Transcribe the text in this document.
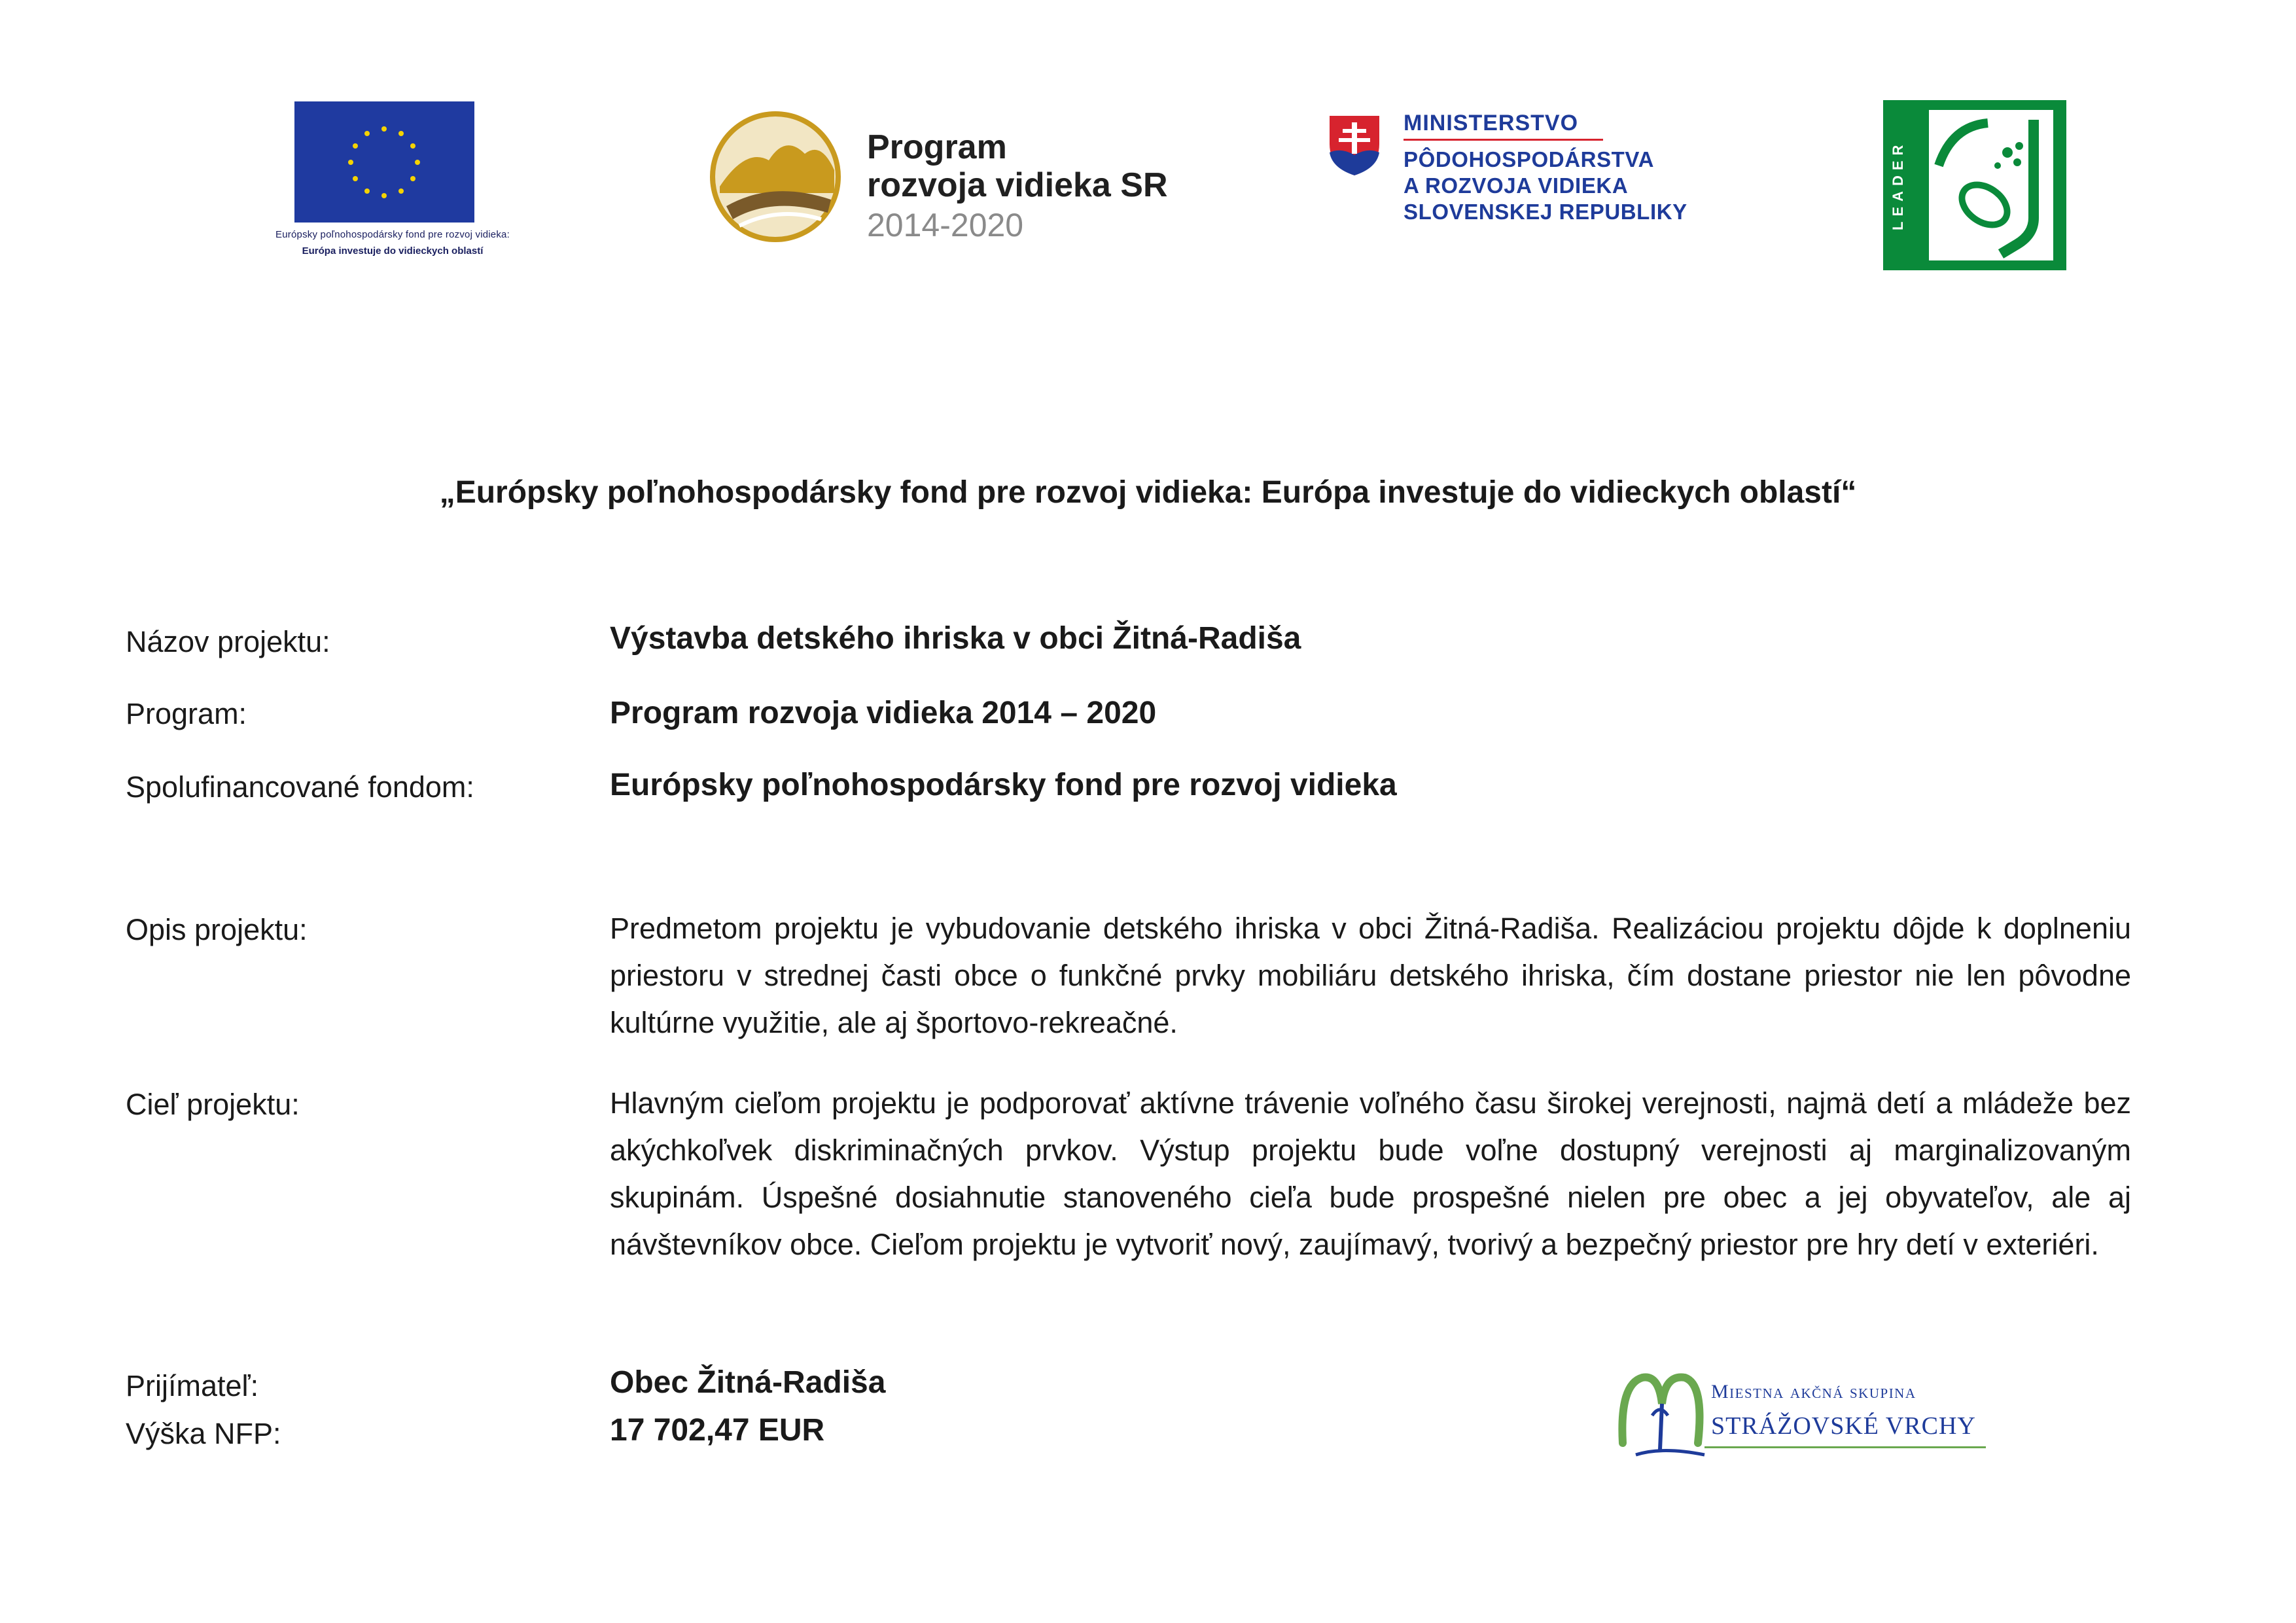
Európsky poľnohospodársky fond pre rozvoj vidieka:
Európa investuje do vidieckych oblastí
Program
rozvoja vidieka SR
2014-2020
MINISTERSTVO
PÔDOHOSPODÁRSTVA
A ROZVOJA VIDIEKA
SLOVENSKEJ REPUBLIKY	LEADER
„Európsky poľnohospodársky fond pre rozvoj vidieka: Európa investuje do vidieckych oblastí“
Názov projektu:	Výstavba detského ihriska v obci Žitná-Radiša
Program:	Program rozvoja vidieka 2014 – 2020
Spolufinancované fondom:	Európsky poľnohospodársky fond pre rozvoj vidieka
Opis projektu:	Predmetom projektu je vybudovanie detského ihriska v obci Žitná-Radiša. Realizáciou projektu dôjde k doplneniu priestoru v strednej časti obce o funkčné prvky mobiliáru detského ihriska, čím dostane priestor nie len pôvodne kultúrne využitie, ale aj športovo-rekreačné.
Cieľ projektu:	Hlavným cieľom projektu je podporovať aktívne trávenie voľného času širokej verejnosti, najmä detí a mládeže bez akýchkoľvek diskriminačných prvkov. Výstup projektu bude voľne dostupný verejnosti aj marginalizovaným skupinám. Úspešné dosiahnutie stanoveného cieľa bude prospešné nielen pre obec a jej obyvateľov, ale aj návštevníkov obce. Cieľom projektu je vytvoriť nový, zaujímavý, tvorivý a bezpečný priestor pre hry detí v exteriéri.
Prijímateľ:	Obec Žitná-Radiša
Výška NFP:	17 702,47 EUR
Miestna akčná skupina
STRÁŽOVSKÉ VRCHY
